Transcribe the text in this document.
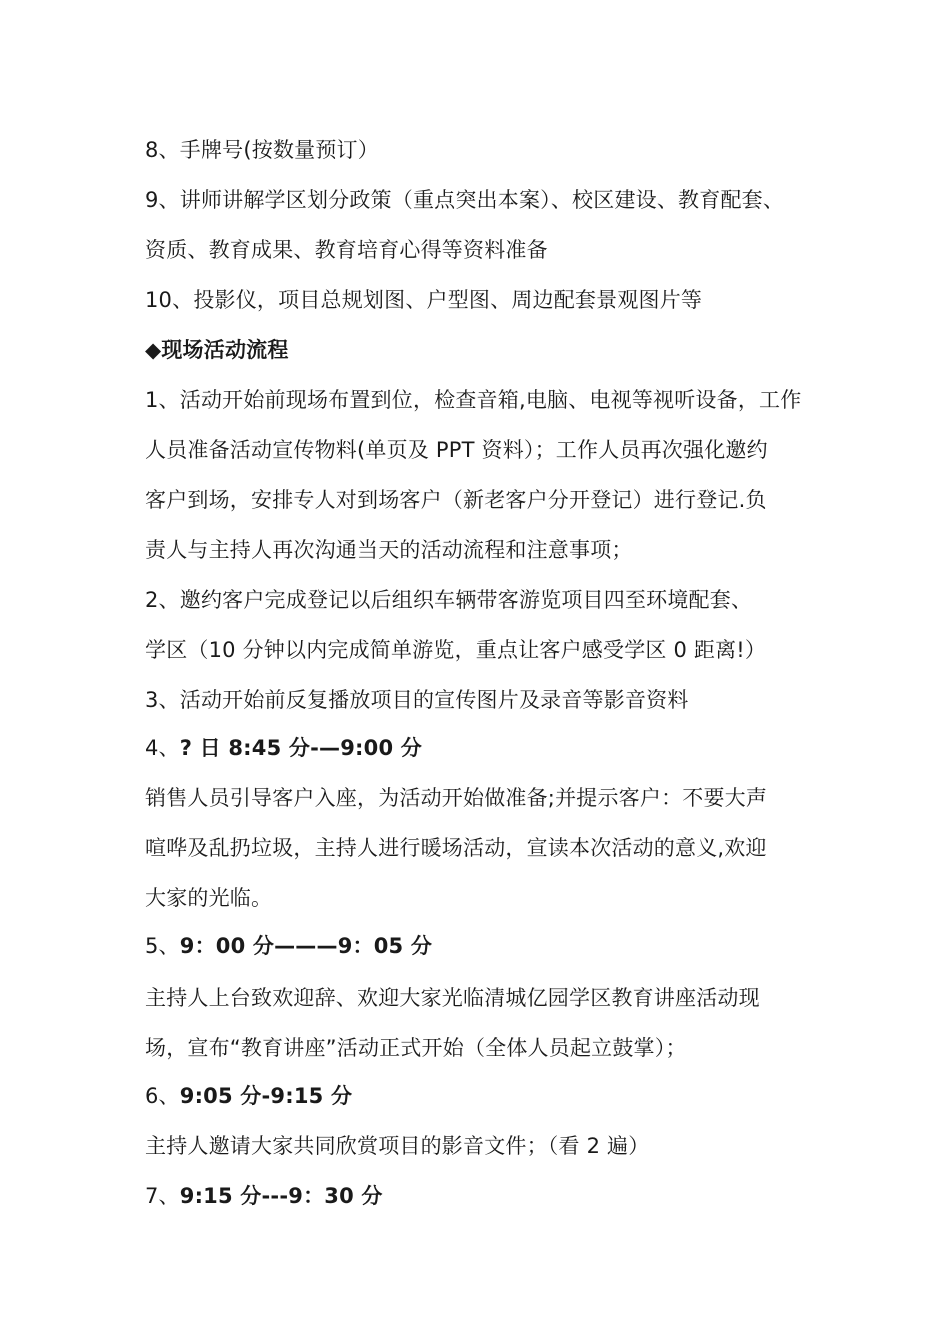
8、手牌号(按数量预订）
9、讲师讲解学区划分政策（重点突出本案）、校区建设、教育配套、
资质、教育成果、教育培育心得等资料准备
10、投影仪，项目总规划图、户型图、周边配套景观图片等
◆现场活动流程
1、活动开始前现场布置到位，检查音箱,电脑、电视等视听设备，工作
人员准备活动宣传物料(单页及 PPT 资料）；工作人员再次强化邀约
客户到场，安排专人对到场客户（新老客户分开登记）进行登记.负
责人与主持人再次沟通当天的活动流程和注意事项；
2、邀约客户完成登记以后组织车辆带客游览项目四至环境配套、
学区（10 分钟以内完成简单游览，重点让客户感受学区 0 距离!）
3、活动开始前反复播放项目的宣传图片及录音等影音资料
4、? 日 8:45 分-—9:00 分
销售人员引导客户入座，为活动开始做准备;并提示客户：不要大声
喧哗及乱扔垃圾，主持人进行暖场活动，宣读本次活动的意义,欢迎
大家的光临。
5、9：00 分———9：05 分
主持人上台致欢迎辞、欢迎大家光临清城亿园学区教育讲座活动现
场，宣布“教育讲座”活动正式开始（全体人员起立鼓掌）；
6、9:05 分-9:15 分
主持人邀请大家共同欣赏项目的影音文件；（看 2 遍）
7、9:15 分---9：30 分
